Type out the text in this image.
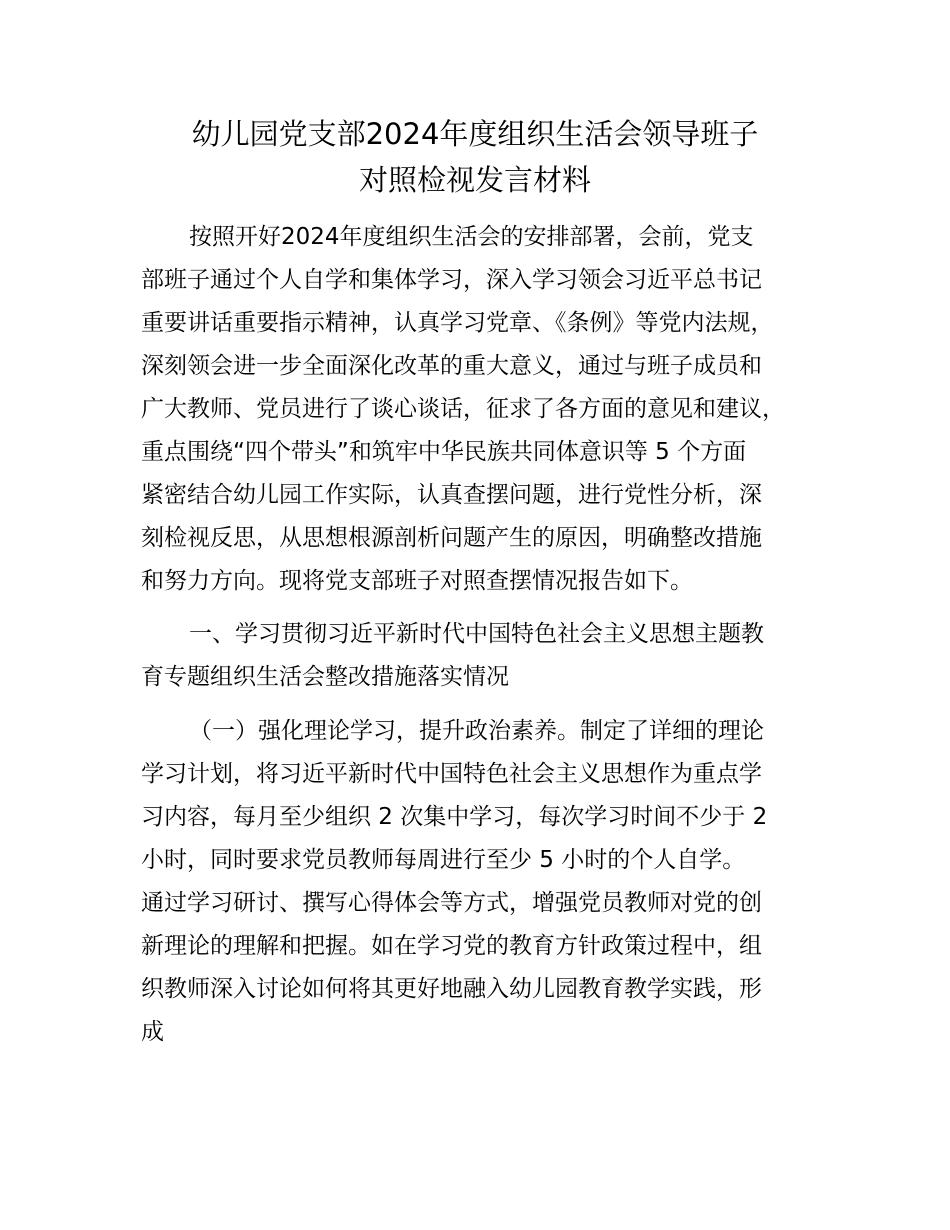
幼儿园党支部2024年度组织生活会领导班子
对照检视发言材料

按照开好2024年度组织生活会的安排部署，会前，党支

部班子通过个人自学和集体学习，深入学习领会习近平总书记

重要讲话重要指示精神，认真学习党章、《条例》等党内法规，

深刻领会进一步全面深化改革的重大意义，通过与班子成员和

广大教师、党员进行了谈心谈话，征求了各方面的意见和建议，

重点围绕“四个带头”和筑牢中华民族共同体意识等 5 个方面

紧密结合幼儿园工作实际，认真查摆问题，进行党性分析，深

刻检视反思，从思想根源剖析问题产生的原因，明确整改措施

和努力方向。现将党支部班子对照查摆情况报告如下。

一、学习贯彻习近平新时代中国特色社会主义思想主题教

育专题组织生活会整改措施落实情况

（一）强化理论学习，提升政治素养。制定了详细的理论

学习计划，将习近平新时代中国特色社会主义思想作为重点学

习内容，每月至少组织 2 次集中学习，每次学习时间不少于 2

小时，同时要求党员教师每周进行至少 5 小时的个人自学。

通过学习研讨、撰写心得体会等方式，增强党员教师对党的创

新理论的理解和把握。如在学习党的教育方针政策过程中，组

织教师深入讨论如何将其更好地融入幼儿园教育教学实践，形

成
